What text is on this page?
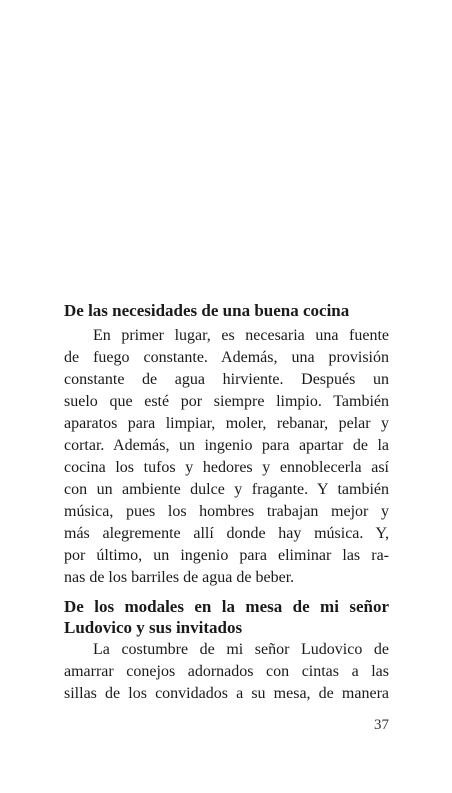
De las necesidades de una buena cocina
En primer lugar, es necesaria una fuente
de fuego constante. Además, una provisión
constante de agua hirviente. Después un
suelo que esté por siempre limpio. También
aparatos para limpiar, moler, rebanar, pelar y
cortar. Además, un ingenio para apartar de la
cocina los tufos y hedores y ennoblecerla así
con un ambiente dulce y fragante. Y también
música, pues los hombres trabajan mejor y
más alegremente allí donde hay música. Y,
por último, un ingenio para eliminar las ra-
nas de los barriles de agua de beber.
De los modales en la mesa de mi señor
Ludovico y sus invitados
La costumbre de mi señor Ludovico de
amarrar conejos adornados con cintas a las
sillas de los convidados a su mesa, de manera

37
